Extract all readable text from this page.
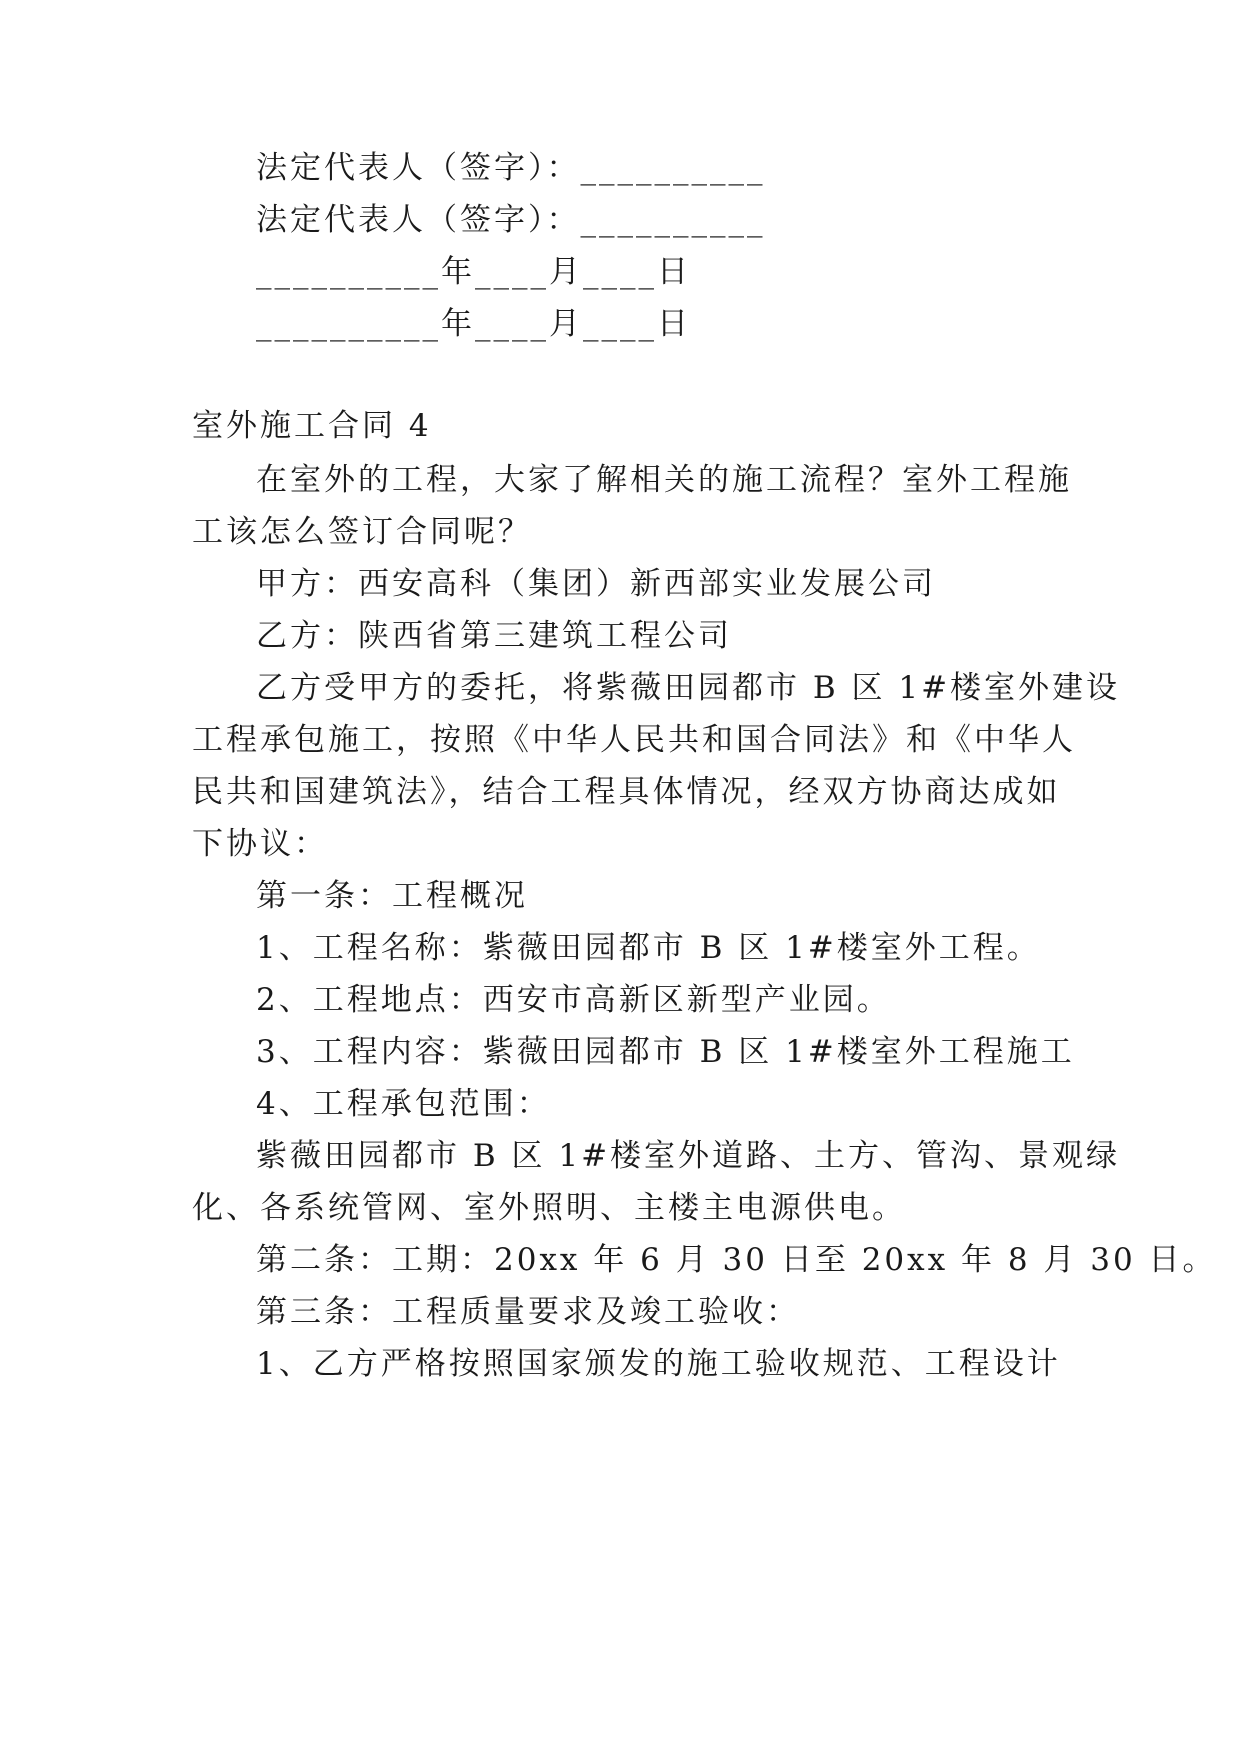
法定代表人（签字）：__________
法定代表人（签字）：__________
__________年____月____日
__________年____月____日
室外施工合同 4
在室外的工程，大家了解相关的施工流程？室外工程施
工该怎么签订合同呢？
甲方：西安高科（集团）新西部实业发展公司
乙方：陕西省第三建筑工程公司
乙方受甲方的委托，将紫薇田园都市 B 区 1#楼室外建设
工程承包施工，按照《中华人民共和国合同法》和《中华人
民共和国建筑法》，结合工程具体情况，经双方协商达成如
下协议：
第一条：工程概况
1、工程名称：紫薇田园都市 B 区 1#楼室外工程。
2、工程地点：西安市高新区新型产业园。
3、工程内容：紫薇田园都市 B 区 1#楼室外工程施工
4、工程承包范围：
紫薇田园都市 B 区 1#楼室外道路、土方、管沟、景观绿
化、各系统管网、室外照明、主楼主电源供电。
第二条：工期：20xx 年 6 月 30 日至 20xx 年 8 月 30 日。
第三条：工程质量要求及竣工验收：
1、乙方严格按照国家颁发的施工验收规范、工程设计
